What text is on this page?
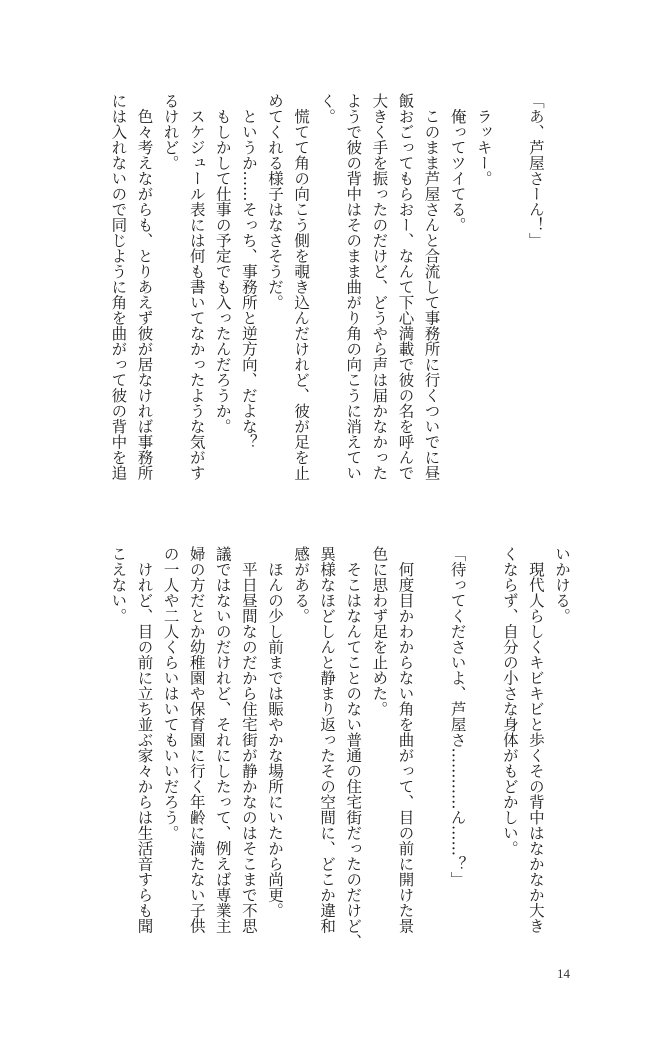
「あ、芦屋さーん！」
　ラッキー。
　俺ってツイてる。
　このまま芦屋さんと合流して事務所に行くついでに昼
飯おごってもらおー、なんて下心満載で彼の名を呼んで
大きく手を振ったのだけど、どうやら声は届かなかった
ようで彼の背中はそのまま曲がり角の向こうに消えてい
く。
　慌てて角の向こう側を覗き込んだけれど、彼が足を止
めてくれる様子はなさそうだ。
　というか……そっち、事務所と逆方向、だよな？
　もしかして仕事の予定でも入ったんだろうか。
　スケジュール表には何も書いてなかったような気がす
るけれど。
　色々考えながらも、とりあえず彼が居なければ事務所
には入れないので同じように角を曲がって彼の背中を追
いかける。
　現代人らしくキビキビと歩くその背中はなかなか大き
くならず、自分の小さな身体がもどかしい。
「待ってくださいよ、芦屋さ…………ん……？」
　何度目かわからない角を曲がって、目の前に開けた景
色に思わず足を止めた。
　そこはなんてことのない普通の住宅街だったのだけど、
異様なほどしんと静まり返ったその空間に、どこか違和
感がある。
　ほんの少し前までは賑やかな場所にいたから尚更。
　平日昼間なのだから住宅街が静かなのはそこまで不思
議ではないのだけれど、それにしたって、例えば専業主
婦の方だとか幼稚園や保育園に行く年齢に満たない子供
の一人や二人くらいはいてもいいだろう。
　けれど、目の前に立ち並ぶ家々からは生活音すらも聞
こえない。
14
